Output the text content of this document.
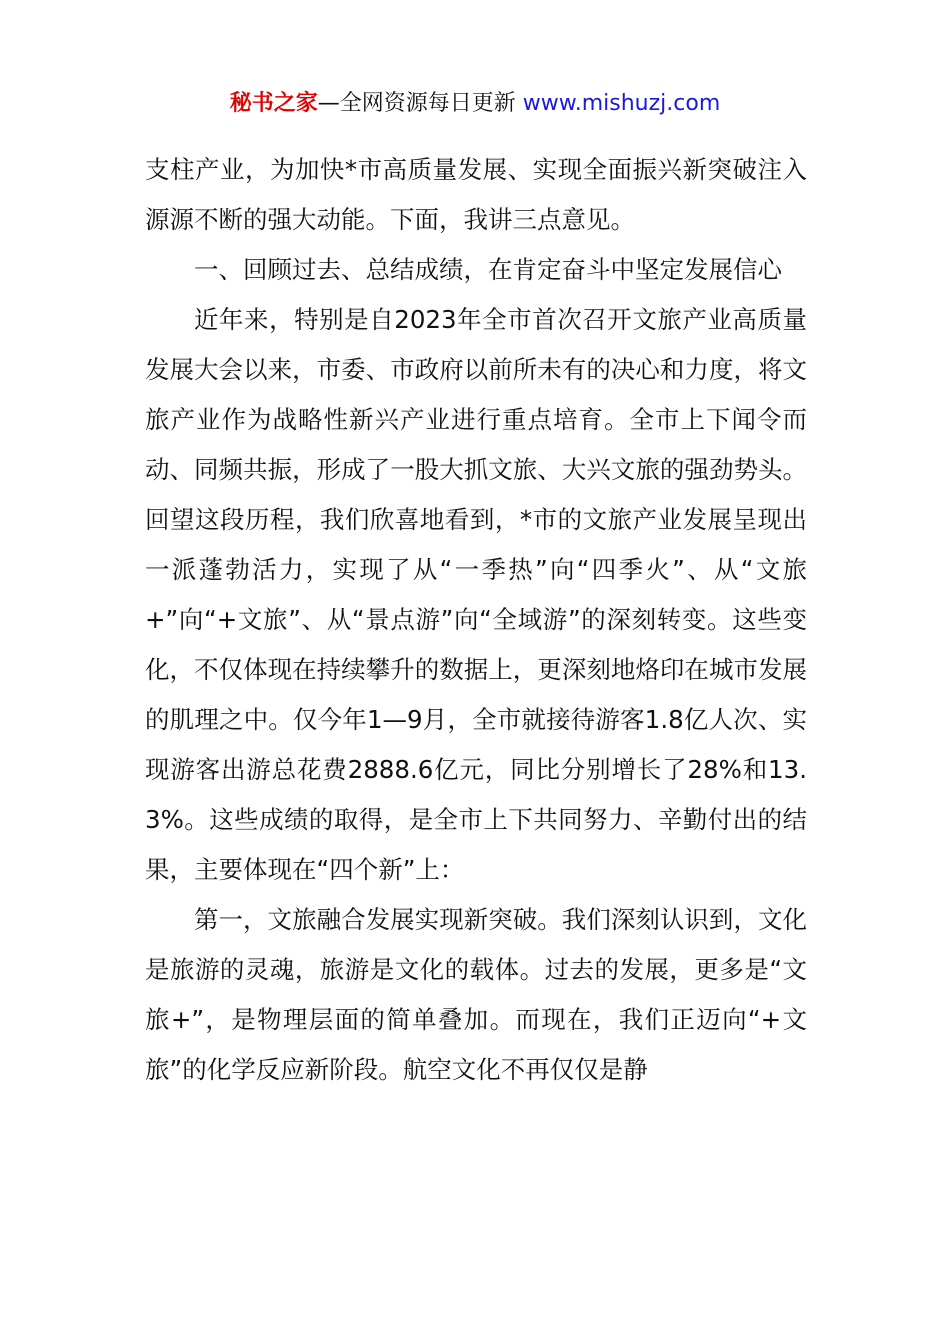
秘书之家—全网资源每日更新 www.mishuzj.com

支柱产业，为加快*市高质量发展、实现全面振兴新突破注入源源不断的强大动能。下面，我讲三点意见。

一、回顾过去、总结成绩，在肯定奋斗中坚定发展信心

近年来，特别是自2023年全市首次召开文旅产业高质量发展大会以来，市委、市政府以前所未有的决心和力度，将文旅产业作为战略性新兴产业进行重点培育。全市上下闻令而动、同频共振，形成了一股大抓文旅、大兴文旅的强劲势头。回望这段历程，我们欣喜地看到，*市的文旅产业发展呈现出一派蓬勃活力，实现了从“一季热”向“四季火”、从“文旅+”向“+文旅”、从“景点游”向“全域游”的深刻转变。这些变化，不仅体现在持续攀升的数据上，更深刻地烙印在城市发展的肌理之中。仅今年1—9月，全市就接待游客1.8亿人次、实现游客出游总花费2888.6亿元，同比分别增长了28%和13.3%。这些成绩的取得，是全市上下共同努力、辛勤付出的结果，主要体现在“四个新”上：

第一，文旅融合发展实现新突破。我们深刻认识到，文化是旅游的灵魂，旅游是文化的载体。过去的发展，更多是“文旅+”，是物理层面的简单叠加。而现在，我们正迈向“+文旅”的化学反应新阶段。航空文化不再仅仅是静
